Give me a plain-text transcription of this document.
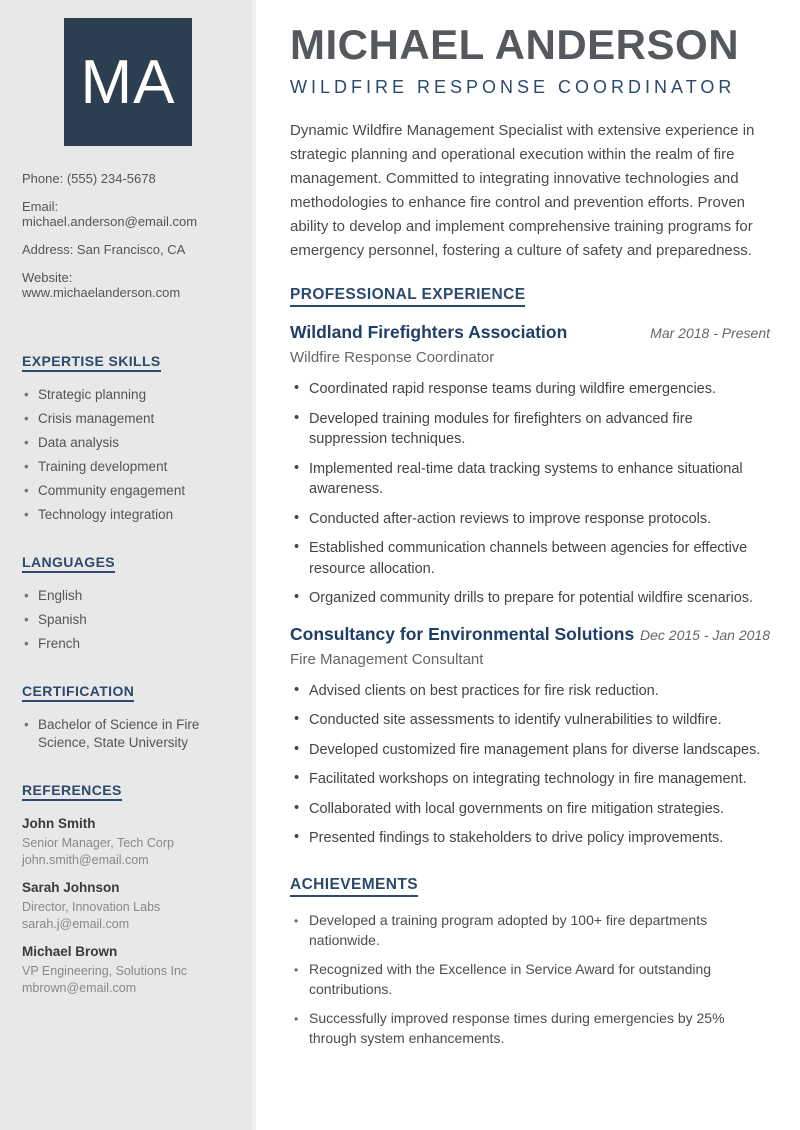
MA

Phone: (555) 234-5678

Email: michael.anderson@email.com

Address: San Francisco, CA

Website: www.michaelanderson.com

EXPERTISE SKILLS
• Strategic planning
• Crisis management
• Data analysis
• Training development
• Community engagement
• Technology integration
LANGUAGES
• English
• Spanish
• French
CERTIFICATION
• Bachelor of Science in Fire Science, State University
REFERENCES

John Smith

Senior Manager, Tech Corp

john.smith@email.com

Sarah Johnson

Director, Innovation Labs

sarah.j@email.com

Michael Brown

VP Engineering, Solutions Inc

mbrown@email.com

MICHAEL ANDERSON
WILDFIRE RESPONSE COORDINATOR

Dynamic Wildfire Management Specialist with extensive experience in strategic planning and operational execution within the realm of fire management. Committed to integrating innovative technologies and methodologies to enhance fire control and prevention efforts. Proven ability to develop and implement comprehensive training programs for emergency personnel, fostering a culture of safety and preparedness.

PROFESSIONAL EXPERIENCE
Wildland Firefighters Association	Mar 2018 - Present
Wildfire Response Coordinator
• Coordinated rapid response teams during wildfire emergencies.
• Developed training modules for firefighters on advanced fire suppression techniques.
• Implemented real-time data tracking systems to enhance situational awareness.
• Conducted after-action reviews to improve response protocols.
• Established communication channels between agencies for effective resource allocation.
• Organized community drills to prepare for potential wildfire scenarios.
Consultancy for Environmental Solutions Dec 2015 - Jan 2018
Fire Management Consultant
• Advised clients on best practices for fire risk reduction.
• Conducted site assessments to identify vulnerabilities to wildfire.
• Developed customized fire management plans for diverse landscapes.
• Facilitated workshops on integrating technology in fire management.
• Collaborated with local governments on fire mitigation strategies.
• Presented findings to stakeholders to drive policy improvements.
ACHIEVEMENTS
• Developed a training program adopted by 100+ fire departments nationwide.
• Recognized with the Excellence in Service Award for outstanding contributions.
• Successfully improved response times during emergencies by 25% through system enhancements.
